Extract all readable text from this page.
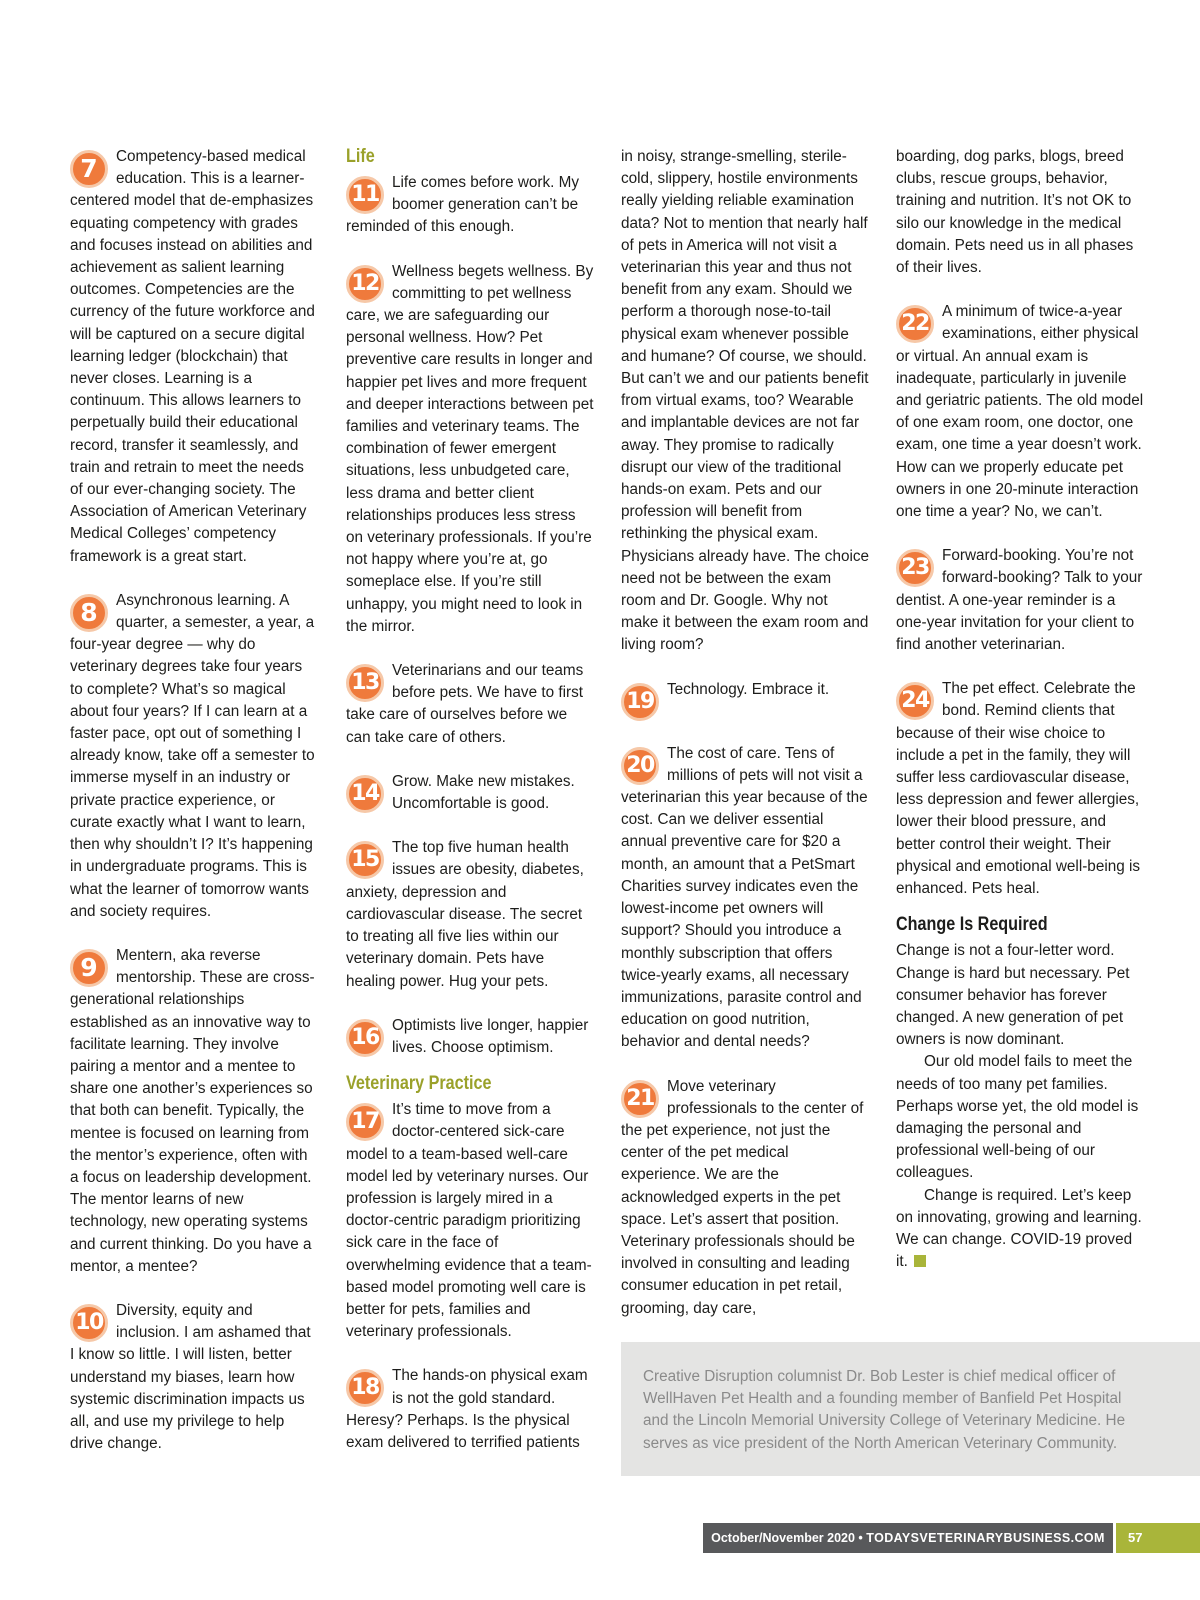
7	Competency-based medical education. This is a learner-centered model that de-emphasizes equating competency with grades and focuses instead on abilities and achievement as salient learning outcomes. Competencies are the currency of the future workforce and will be captured on a secure digital learning ledger (blockchain) that never closes. Learning is a continuum. This allows learners to perpetually build their educational record, transfer it seamlessly, and train and retrain to meet the needs of our ever-changing society. The Association of American Veterinary Medical Colleges’ competency framework is a great start.
8	Asynchronous learning. A quarter, a semester, a year, a four-year degree — why do veterinary degrees take four years to complete? What’s so magical about four years? If I can learn at a faster pace, opt out of something I already know, take off a semester to immerse myself in an industry or private practice experience, or curate exactly what I want to learn, then why shouldn’t I? It’s happening in undergraduate programs. This is what the learner of tomorrow wants and society requires.
9	Mentern, aka reverse mentorship. These are cross-generational relationships established as an innovative way to facilitate learning. They involve pairing a mentor and a mentee to share one another’s experiences so that both can benefit. Typically, the mentee is focused on learning from the mentor’s experience, often with a focus on leadership development. The mentor learns of new technology, new operating systems and current thinking. Do you have a mentor, a mentee?
10 Diversity, equity and inclusion. I am ashamed that I know so little. I will listen, better understand my biases, learn how systemic discrimination impacts us all, and use my privilege to help drive change.
Life
11 Life comes before work. My boomer generation can’t be reminded of this enough.
12 Wellness begets wellness. By committing to pet wellness care, we are safeguarding our personal wellness. How? Pet preventive care results in longer and happier pet lives and more frequent and deeper interactions between pet families and veterinary teams. The combination of fewer emergent situations, less unbudgeted care, less drama and better client relationships produces less stress on veterinary professionals. If you’re not happy where you’re at, go someplace else. If you’re still unhappy, you might need to look in the mirror.
13 Veterinarians and our teams before pets. We have to first take care of ourselves before we can take care of others.
14 Grow. Make new mistakes. Uncomfortable is good.
15 The top five human health issues are obesity, diabetes, anxiety, depression and cardiovascular disease. The secret to treating all five lies within our veterinary domain. Pets have healing power. Hug your pets.
16 Optimists live longer, happier lives. Choose optimism.
Veterinary Practice
17 It’s time to move from a doctor-centered sick-care model to a team-based well-care model led by veterinary nurses. Our profession is largely mired in a doctor-centric paradigm prioritizing sick care in the face of overwhelming evidence that a team-based model promoting well care is better for pets, families and veterinary professionals.
18 The hands-on physical exam is not the gold standard. Heresy? Perhaps. Is the physical exam delivered to terrified patients

in noisy, strange-smelling, sterile-cold, slippery, hostile environments really yielding reliable examination data? Not to mention that nearly half of pets in America will not visit a veterinarian this year and thus not benefit from any exam. Should we perform a thorough nose-to-tail physical exam whenever possible and humane? Of course, we should. But can’t we and our patients benefit from virtual exams, too? Wearable and implantable devices are not far away. They promise to radically disrupt our view of the traditional hands-on exam. Pets and our profession will benefit from rethinking the physical exam. Physicians already have. The choice need not be between the exam room and Dr. Google. Why not make it between the exam room and living room?

19 Technology. Embrace it.
20 The cost of care. Tens of millions of pets will not visit a veterinarian this year because of the cost. Can we deliver essential annual preventive care for $20 a month, an amount that a PetSmart Charities survey indicates even the lowest-income pet owners will support? Should you introduce a monthly subscription that offers twice-yearly exams, all necessary immunizations, parasite control and education on good nutrition, behavior and dental needs?
21 Move veterinary professionals to the center of the pet experience, not just the center of the pet medical experience. We are the acknowledged experts in the pet space. Let’s assert that position. Veterinary professionals should be involved in consulting and leading consumer education in pet retail, grooming, day care,

boarding, dog parks, blogs, breed clubs, rescue groups, behavior, training and nutrition. It’s not OK to silo our knowledge in the medical domain. Pets need us in all phases of their lives.

22 A minimum of twice-a-year examinations, either physical or virtual. An annual exam is inadequate, particularly in juvenile and geriatric patients. The old model of one exam room, one doctor, one exam, one time a year doesn’t work. How can we properly educate pet owners in one 20-minute interaction one time a year? No, we can’t.
23 Forward-booking. You’re not forward-booking? Talk to your dentist. A one-year reminder is a one-year invitation for your client to find another veterinarian.
24 The pet effect. Celebrate the bond. Remind clients that because of their wise choice to include a pet in the family, they will suffer less cardiovascular disease, less depression and fewer allergies, lower their blood pressure, and better control their weight. Their physical and emotional well-being is enhanced. Pets heal.
Change Is Required

Change is not a four-letter word. Change is hard but necessary. Pet consumer behavior has forever changed. A new generation of pet owners is now dominant.

Our old model fails to meet the needs of too many pet families. Perhaps worse yet, the old model is damaging the personal and professional well-being of our colleagues.

Change is required. Let’s keep on innovating, growing and learning. We can change. COVID-19 proved it.

Creative Disruption columnist Dr. Bob Lester is chief medical officer of WellHaven Pet Health and a founding member of Banfield Pet Hospital and the Lincoln Memorial University College of Veterinary Medicine. He serves as vice president of the North American Veterinary Community.
October/November 2020 • TODAYSVETERINARYBUSINESS.COM	57
